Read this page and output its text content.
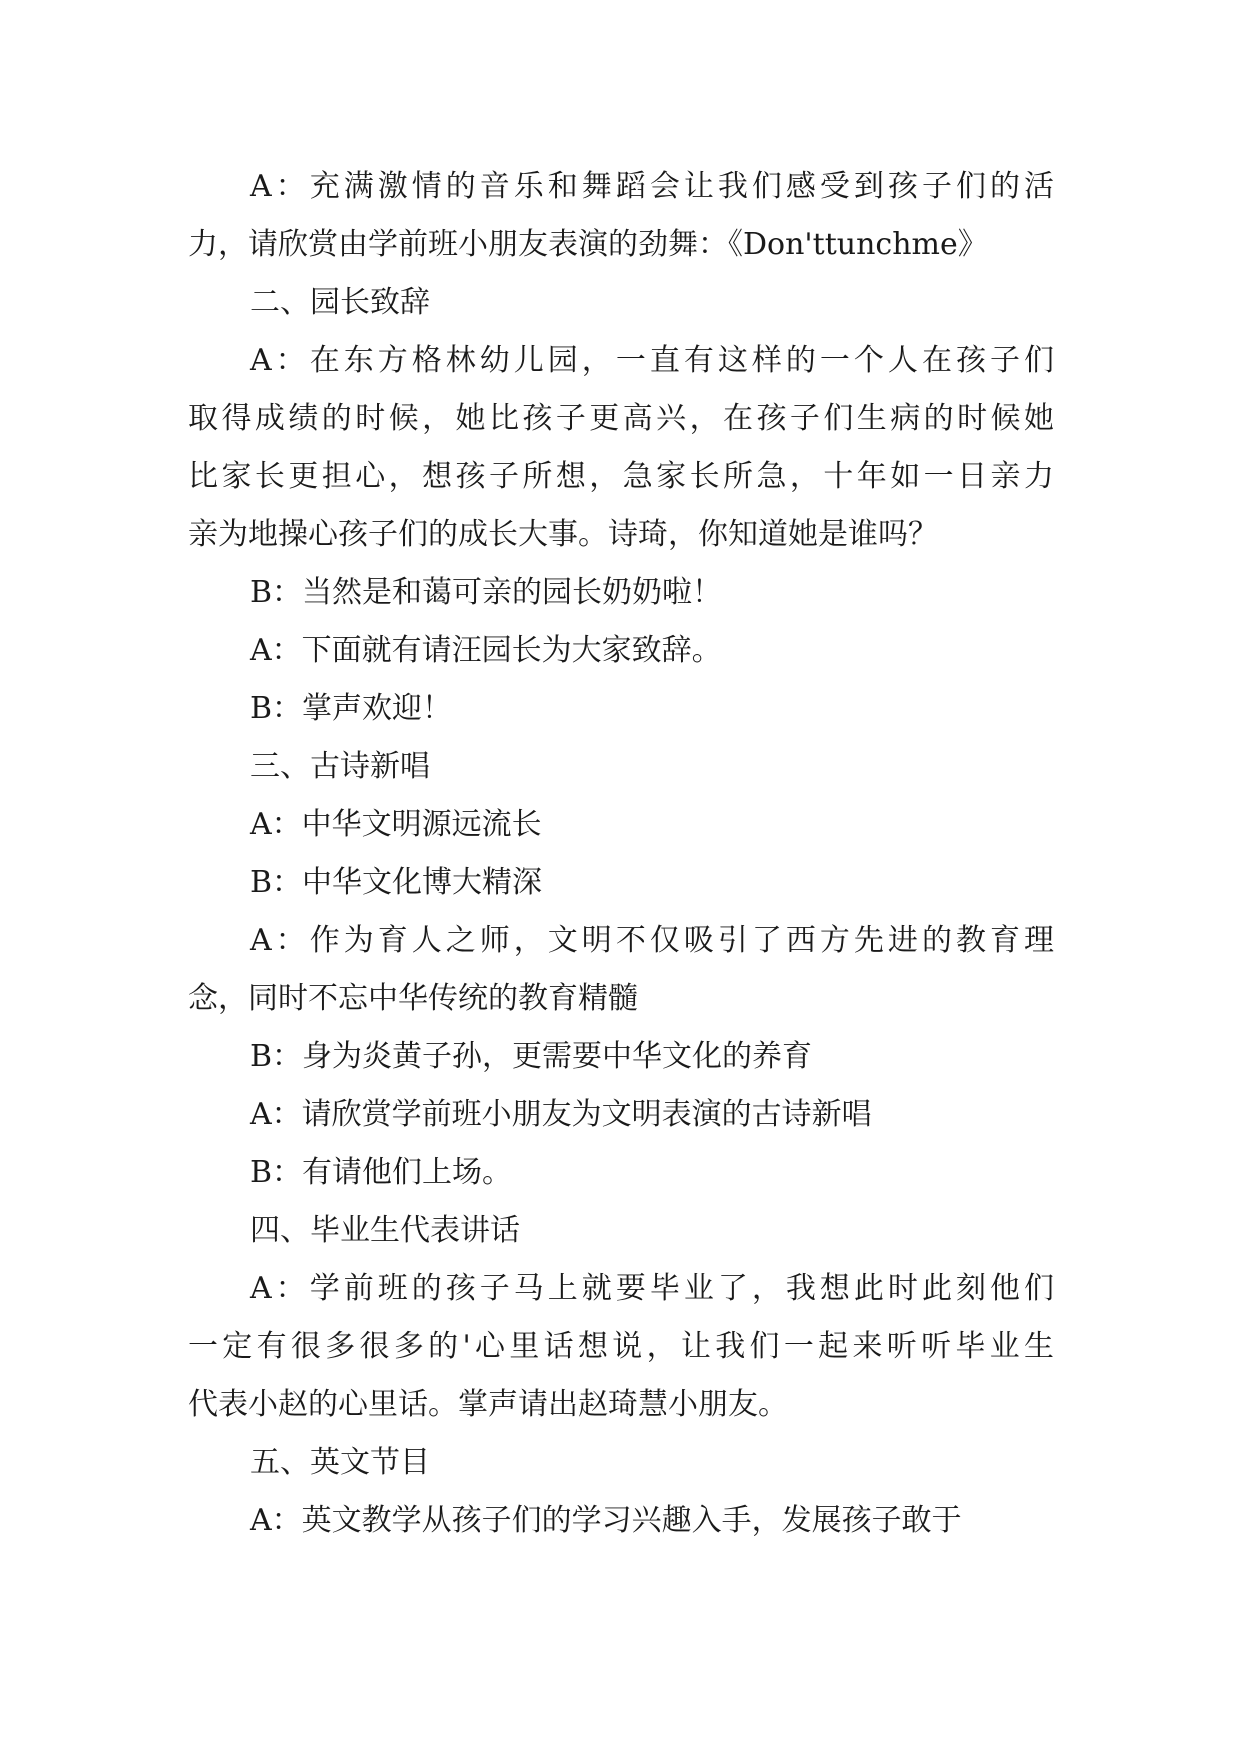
A：充满激情的音乐和舞蹈会让我们感受到孩子们的活
力，请欣赏由学前班小朋友表演的劲舞：《Don'ttunchme》
二、园长致辞
A：在东方格林幼儿园，一直有这样的一个人在孩子们
取得成绩的时候，她比孩子更高兴，在孩子们生病的时候她
比家长更担心，想孩子所想，急家长所急，十年如一日亲力
亲为地操心孩子们的成长大事。诗琦，你知道她是谁吗？
B：当然是和蔼可亲的园长奶奶啦！
A：下面就有请汪园长为大家致辞。
B：掌声欢迎！
三、古诗新唱
A：中华文明源远流长
B：中华文化博大精深
A：作为育人之师，文明不仅吸引了西方先进的教育理
念，同时不忘中华传统的教育精髓
B：身为炎黄子孙，更需要中华文化的养育
A：请欣赏学前班小朋友为文明表演的古诗新唱
B：有请他们上场。
四、毕业生代表讲话
A：学前班的孩子马上就要毕业了，我想此时此刻他们
一定有很多很多的'心里话想说，让我们一起来听听毕业生
代表小赵的心里话。掌声请出赵琦慧小朋友。
五、英文节目
A：英文教学从孩子们的学习兴趣入手，发展孩子敢于
